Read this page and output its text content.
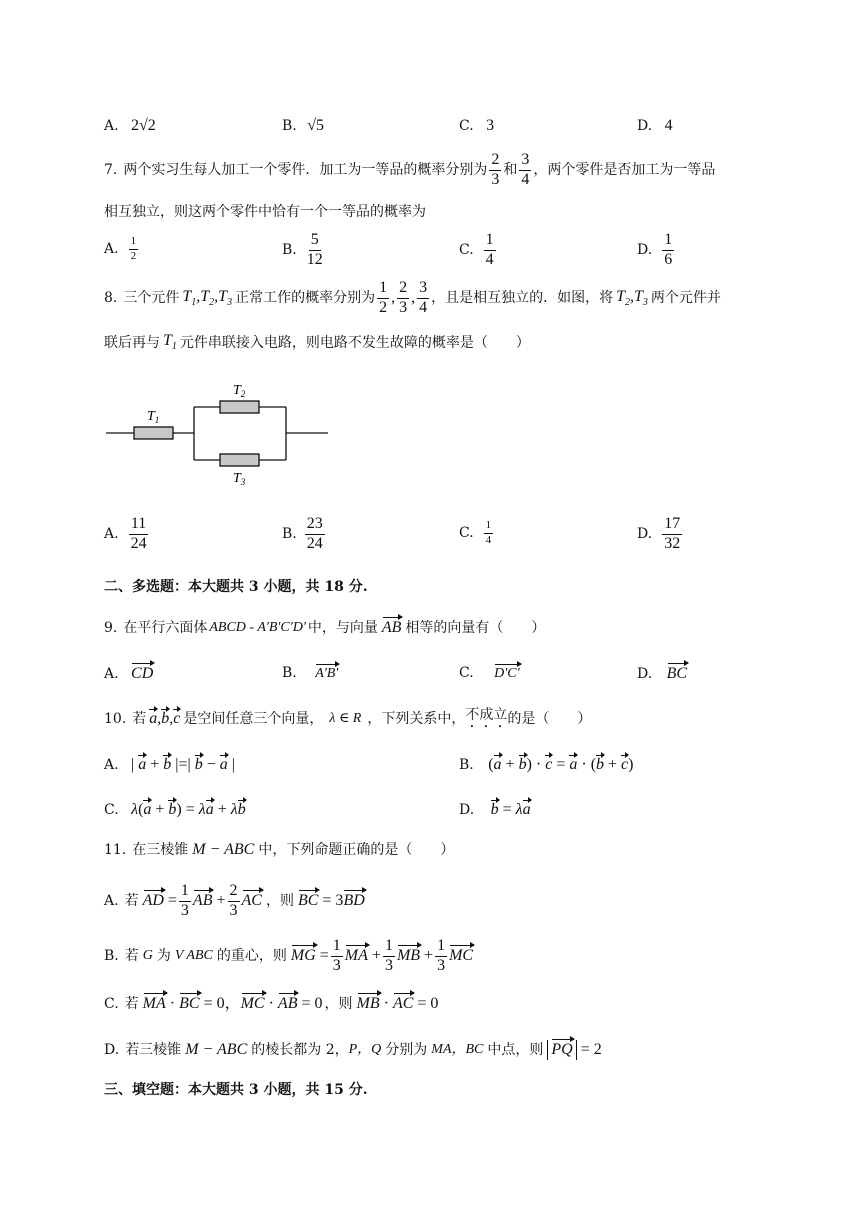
A. 2√2	B. √5	C. 3	D. 4
7. 两个实习生每人加工一个零件．加工为一等品的概率分别为 $\frac{2}{3}$ 和 $\frac{3}{4}$ ，两个零件是否加工为一等品
相互独立，则这两个零件中恰有一个一等品的概率为
A. $\frac{1}{2}$	B. $\frac{5}{12}$	C. $\frac{1}{4}$	D. $\frac{1}{6}$
8. 三个元件 $T_1,T_2,T_3$ 正常工作的概率分别为 $\frac{1}{2}$ , $\frac{2}{3}$ , $\frac{3}{4}$ ，且是相互独立的．如图，将 $T_2,T_3$ 两个元件并
联后再与 $T_1$ 元件串联接入电路，则电路不发生故障的概率是（　　）
$T_1$
$T_2$
$T_3$
A. $\frac{11}{24}$	B. $\frac{23}{24}$	C. $\frac{1}{4}$	D. $\frac{17}{32}$
二、多选题：本大题共 3 小题，共 18 分.
9. 在平行六面体 ABCD - A'B'C'D' 中，与向量 AB 相等的向量有（　　）
A. CD	B. A'B'	C. D'C'	D. BC
10. 若 a,b,c 是空间任意三个向量， λ ∈ R ，下列关系中， 不成立 的是（　　）
A. | a + b |=| b − a |	B. (a + b) · c = a · (b + c)
C. λ(a + b) = λa + λb	D. b = λa
11. 在三棱锥 M − ABC 中，下列命题正确的是（　　）
A. 若 AD = $\frac{1}{3}$ AB + $\frac{2}{3}$ AC ，则 BC = 3BD
B. 若 G 为 V ABC 的重心，则 MG = $\frac{1}{3}$ MA + $\frac{1}{3}$ MB + $\frac{1}{3}$ MC
C. 若 MA · BC = 0，MC · AB = 0 ，则 MB · AC = 0
D. 若三棱锥 M − ABC 的棱长都为 2， P，Q 分别为 MA，BC 中点，则 PQ = 2
三、填空题：本大题共 3 小题，共 15 分.
